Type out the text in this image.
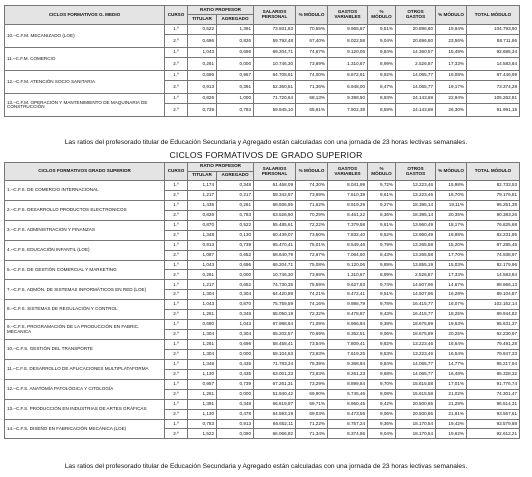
CICLOS FORMATIVOS G. MEDIO	CURSO	RATIO PROFESOR		SALARIOS PERSONAL	% MÓDULO	GASTOS VARIABLES	% MÓDULO	OTROS GASTOS	% MÓDULO	TOTAL MÓDULO
		TITULAR	AGREGADO							
10.–C.F.M. MECANIZADO (LOE)	1.º	0,522	1,391	73.931,63	70,55%	9.965,67	9,51%	20.896,60	19,94%	104.793,90
	2.º	0,696	0,826	59.792,48	67,40%	8.022,58	9,04%	20.896,60	23,56%	88.711,66
11.–C.F.M. COMERCIO	1.º	1,043	0,696	69.204,71	74,67%	9.120,06	9,84%	14.360,57	15,49%	92.685,34
	2.º	0,261	0,000	10.746,30	73,69%	1.310,67	8,99%	2.526,87	17,33%	14.583,84
12.–C.F.M. ATENCIÓN SOCIO SANITARIA	1.º	0,696	0,957	64.708,61	74,00%	8.672,61	9,92%	14.065,77	16,08%	87.446,99
	2.º	0,913	0,391	52.360,51	71,36%	6.948,00	9,47%	14.065,77	19,17%	73.374,28
13.–C.F.M. OPERACIÓN Y MANTENIMIENTO DE MAQUINARIA DE CONSTRUCCIÓN	1.º	0,826	1,000	71.720,64	68,13%	9.398,50	8,93%	24.143,68	22,94%	105.262,81
	2.º	0,739	0,783	59.945,10	65,61%	7.902,38	8,59%	24.143,68	26,30%	91.991,15
Las ratios del profesorado titular de Educación Secundaria y Agregado están calculadas con una jornada de 23 horas lectivas semanales.
CICLOS FORMATIVOS DE GRADO SUPERIOR
CICLOS FORMATIVOS GRADO SUPERIOR	CURSO	RATIO PROFESOR		SALARIOS PERSONAL	% MÓDULO	GASTOS VARIABLES	% MÓDULO	OTROS GASTOS	% MÓDULO	TOTAL MÓDULO
		TITULAR	AGREGADO							
1.–C.F.S. DE COMERCIO INTERNACIONAL	1.º	1,174	0,348	61.468,09	74,30%	8.041,99	9,72%	13.223,46	15,98%	82.733,53
	2.º	1,217	0,217	58.342,97	73,69%	7.610,39	9,61%	13.223,46	16,70%	79.176,81
2.–C.F.S. DESARROLLO PRODUCTOS ELECTRONICOS	1.º	1,435	0,261	68.936,95	71,62%	8.919,29	9,27%	18.395,14	19,11%	96.251,38
	2.º	0,826	0,783	63.526,90	70,29%	8.461,22	9,36%	18.395,14	20,35%	90.383,26
3.–C.F.S. ADMINISTRACION Y FINANZAS	1.º	0,870	0,522	55.485,61	72,22%	7.379,58	9,61%	13.960,49	18,17%	76.825,68
	2.º	1,348	0,130	60.439,07	73,50%	7.832,40	9,52%	13.960,49	16,98%	82.231,95
4.–C.F.S. EDUCACIÓN INFANTIL (LOE)	1.º	0,913	0,739	65.470,41	75,01%	8.549,46	9,79%	13.265,58	15,20%	87.285,45
	2.º	1,087	0,652	68.640,79	72,67%	7.064,60	9,43%	13.265,58	17,70%	74.938,97
5.–C.F.S. DE GESTIÓN COMERCIAL Y MARKETING	1.º	1,043	0,696	69.204,71	75,08%	9.120,06	9,89%	13.855,19	15,03%	92.179,96
	2.º	0,261	0,000	10.746,30	73,69%	1.310,67	8,99%	2.526,87	17,33%	14.583,84
7.–C.F.S. ADMÓN. DE SISTEMAS INFORMÁTICOS EN RED (LOE)	1.º	1,217	0,652	74.730,35	75,59%	9.627,83	9,74%	14.507,96	14,67%	98.866,13
	2.º	1,304	0,304	64.420,89	74,21%	8.472,41	9,51%	14.507,96	16,28%	89.104,87
8.–C.F.S. SISTEMAS DE REGULACIÓN Y CONTROL	1.º	1,043	0,870	75.759,59	74,16%	9.986,79	9,78%	16.415,77	16,07%	102.162,14
	2.º	1,261	0,348	65.050,19	72,32%	8.478,87	9,43%	16.415,77	18,25%	89.944,82
9.–C.F.S. PROGRAMACIÓN DE LA PRODUCCIÓN EN FABRIC. MECANICA	1.º	0,690	1,043	67.988,64	71,09%	8.966,84	9,38%	18.675,89	19,53%	95.631,37
	2.º	1,304	0,304	65.202,57	70,69%	8.352,51	9,06%	18.675,89	20,25%	92.230,97
10.–C.F.S. GESTIÓN DEL TRANSPORTE	1.º	1,261	0,696	58.458,41	73,54%	7.809,41	9,82%	13.223,46	16,64%	79.491,28
	2.º	1,304	0,000	59.104,63	73,93%	7.619,25	9,53%	13.223,46	16,54%	79.947,33
11.–C.F.S. DESARROLLO DE APLICACIONES MULTIPLATAFORMA	1.º	1,348	0,435	71.783,34	75,39%	9.368,84	9,84%	14.065,77	14,77%	95.217,94
	2.º	1,130	0,435	63.001,33	73,83%	8.261,23	9,68%	14.065,77	16,48%	85.328,32
12.–C.F.S. ANATOMÍA PATOLÓGICA Y CITOLOGÍA	1.º	0,957	0,739	67.261,31	73,29%	8.899,84	9,70%	15.615,58	17,01%	91.776,74
	2.º	1,261	0,000	51.940,42	69,90%	6.745,46	9,08%	15.615,58	21,02%	74.301,47
13.–C.F.S. PRODUCCIÓN EN INDUSTRIAS DE ARTES GRÁFICAS	1.º	1,391	0,348	66.619,97	69,71%	8.950,45	9,42%	20.500,85	21,29%	96.514,31
	2.º	1,130	0,478	64.593,19	69,03%	8.473,56	9,06%	20.500,85	21,91%	93.567,61
14.–C.F.S. DISEÑO EN FABRICACIÓN MECÁNICA (LOE)	1.º	0,783	0,913	66.652,11	71,22%	8.757,24	9,36%	18.170,54	19,42%	93.579,88
	2.º	1,522	0,090	66.066,82	71,34%	8.374,86	9,04%	18.170,54	19,62%	92.612,21
Las ratios del profesorado titular de Educación Secundaria y Agregado están calculadas con una jornada de 23 horas lectivas semanales.
